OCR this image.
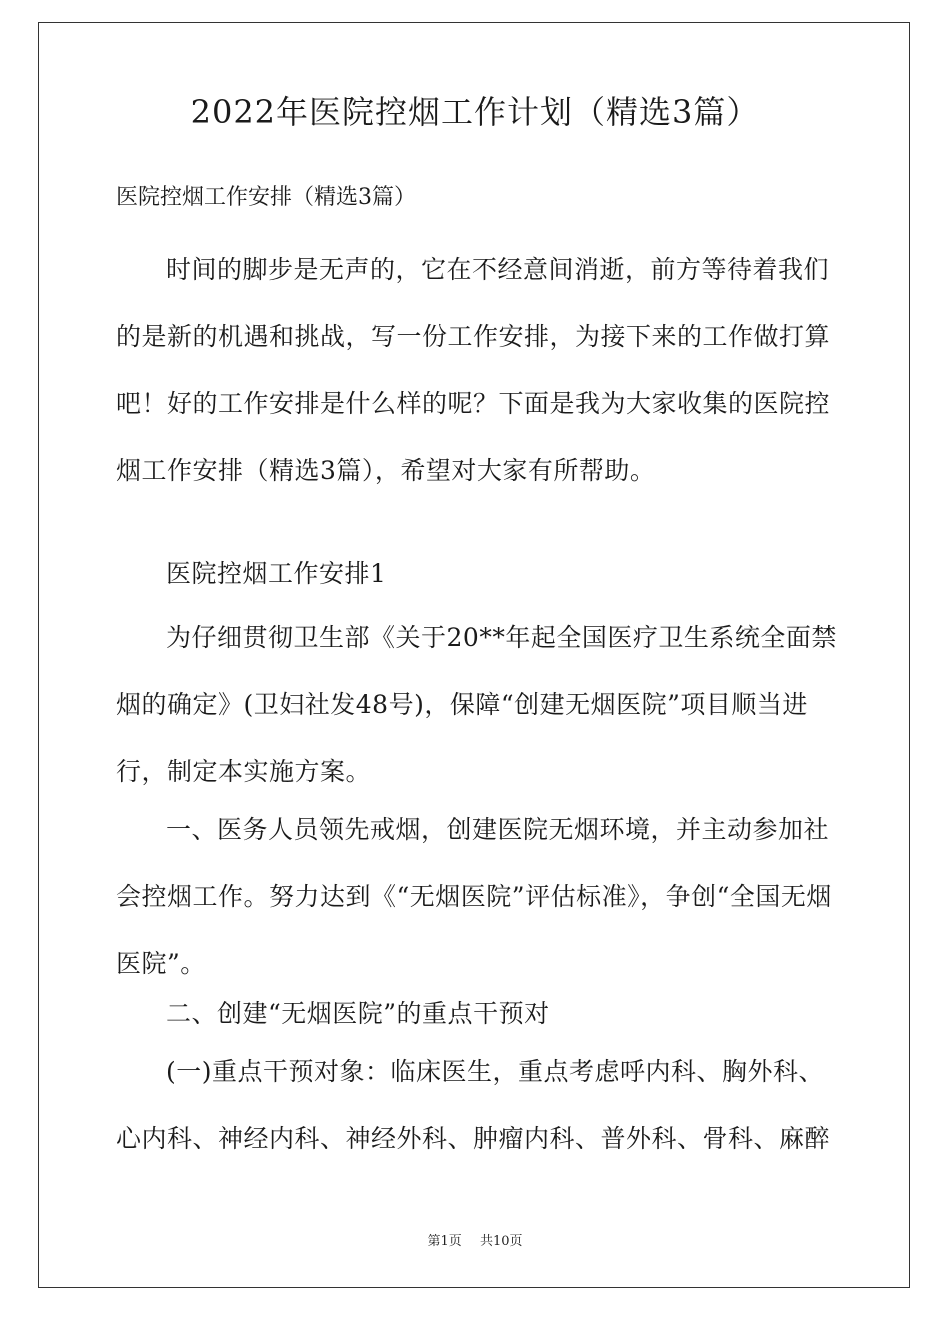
2022年医院控烟工作计划（精选3篇）

医院控烟工作安排（精选3篇）

时间的脚步是无声的，它在不经意间消逝，前方等待着我们的是新的机遇和挑战，写一份工作安排，为接下来的工作做打算吧！好的工作安排是什么样的呢？下面是我为大家收集的医院控烟工作安排（精选3篇），希望对大家有所帮助。

医院控烟工作安排1

为仔细贯彻卫生部《关于20**年起全国医疗卫生系统全面禁烟的确定》(卫妇社发48号)，保障“创建无烟医院”项目顺当进行，制定本实施方案。

一、医务人员领先戒烟，创建医院无烟环境，并主动参加社会控烟工作。努力达到《“无烟医院”评估标准》，争创“全国无烟医院”。

二、创建“无烟医院”的重点干预对

(一)重点干预对象：临床医生，重点考虑呼内科、胸外科、心内科、神经内科、神经外科、肿瘤内科、普外科、骨科、麻醉

第1页 共10页
